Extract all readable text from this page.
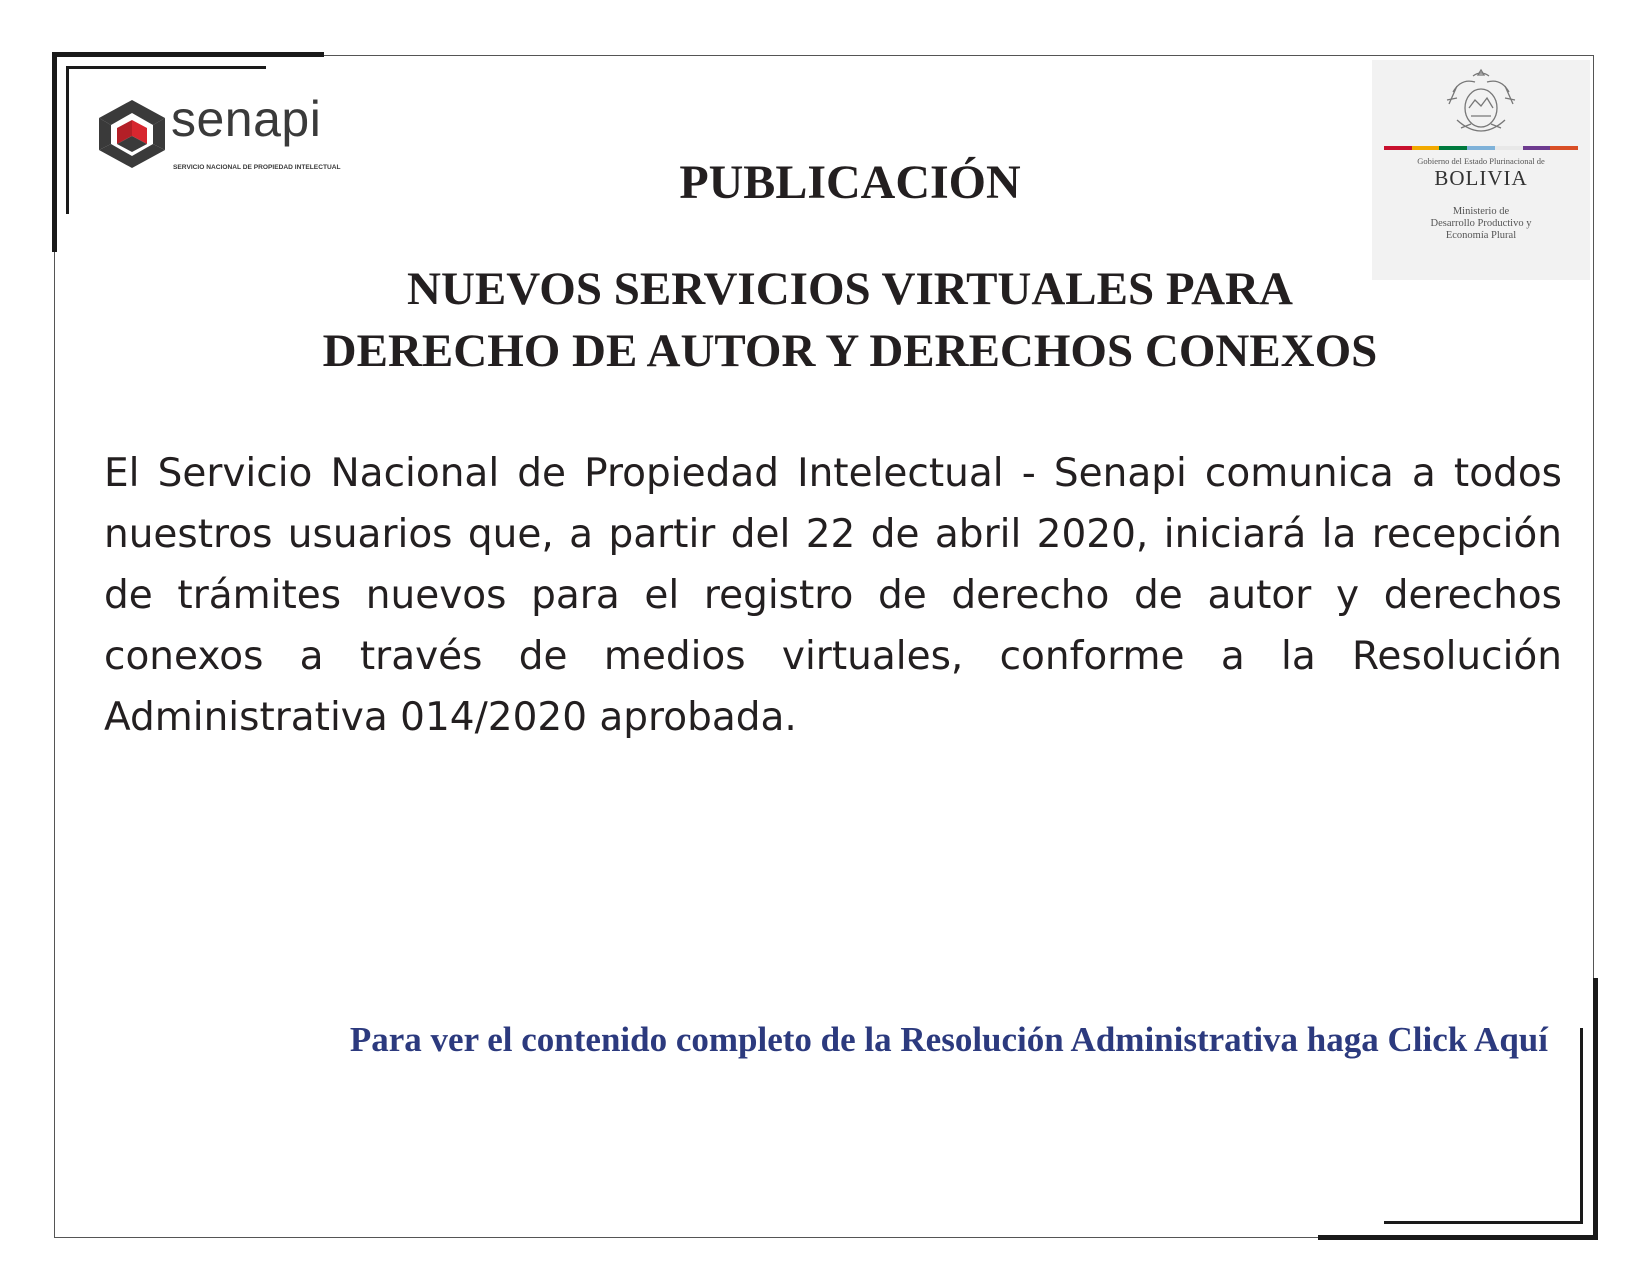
senapi
SERVICIO NACIONAL DE PROPIEDAD INTELECTUAL
Gobierno del Estado Plurinacional de
BOLIVIA
Ministerio de
Desarrollo Productivo y
Economía Plural
PUBLICACIÓN
NUEVOS SERVICIOS VIRTUALES PARA
DERECHO DE AUTOR Y DERECHOS CONEXOS

El Servicio Nacional de Propiedad Intelectual - Senapi comunica a todos nuestros usuarios que, a partir del 22 de abril 2020, iniciará la recepción de trámites nuevos para el registro de derecho de autor y derechos conexos a través de medios virtuales, conforme a la Resolución Administrativa 014/2020 aprobada.

Para ver el contenido completo de la Resolución Administrativa haga Click Aquí
